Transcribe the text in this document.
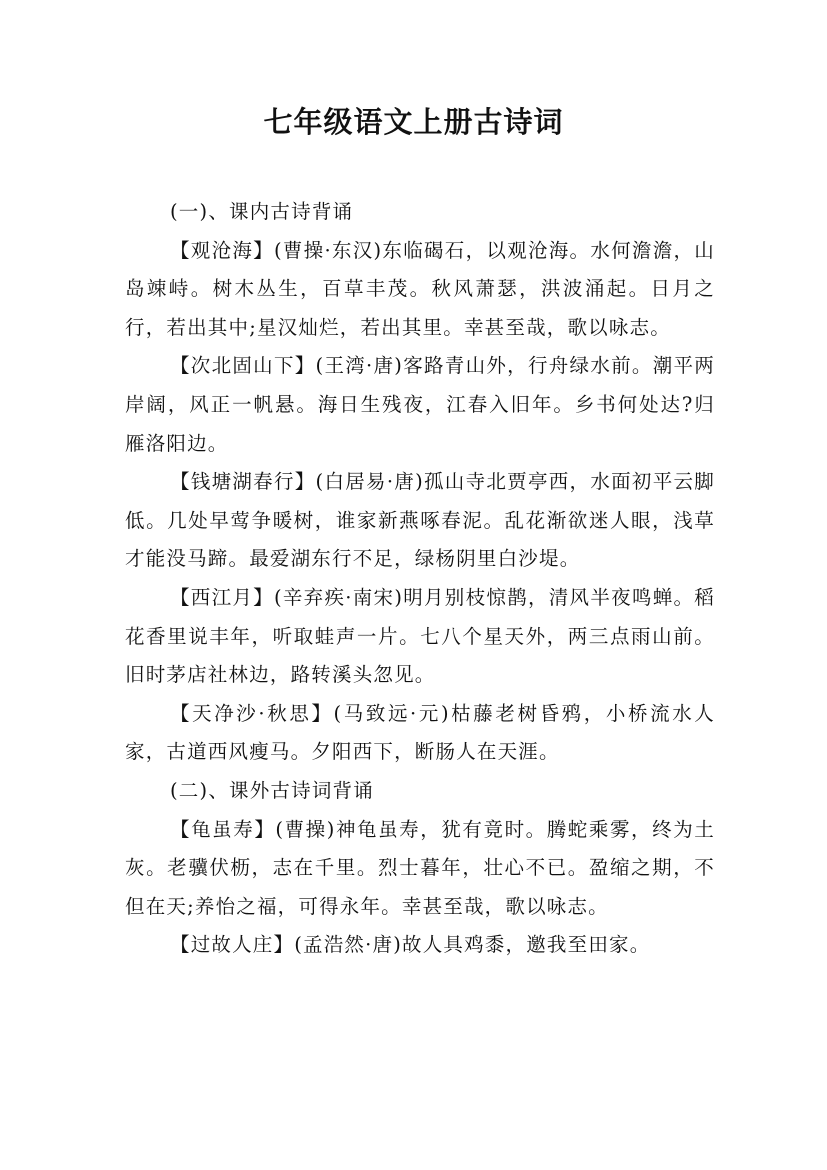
七年级语文上册古诗词

(一)、课内古诗背诵

【观沧海】(曹操·东汉)东临碣石，以观沧海。水何澹澹，山岛竦峙。树木丛生，百草丰茂。秋风萧瑟，洪波涌起。日月之行，若出其中;星汉灿烂，若出其里。幸甚至哉，歌以咏志。

【次北固山下】(王湾·唐)客路青山外，行舟绿水前。潮平两岸阔，风正一帆悬。海日生残夜，江春入旧年。乡书何处达?归雁洛阳边。

【钱塘湖春行】(白居易·唐)孤山寺北贾亭西，水面初平云脚低。几处早莺争暖树，谁家新燕啄春泥。乱花渐欲迷人眼，浅草才能没马蹄。最爱湖东行不足，绿杨阴里白沙堤。

【西江月】(辛弃疾·南宋)明月别枝惊鹊，清风半夜鸣蝉。稻花香里说丰年，听取蛙声一片。七八个星天外，两三点雨山前。旧时茅店社林边，路转溪头忽见。

【天净沙·秋思】(马致远·元)枯藤老树昏鸦，小桥流水人家，古道西风瘦马。夕阳西下，断肠人在天涯。

(二)、课外古诗词背诵

【龟虽寿】(曹操)神龟虽寿，犹有竟时。腾蛇乘雾，终为土灰。老骥伏枥，志在千里。烈士暮年，壮心不已。盈缩之期，不但在天;养怡之福，可得永年。幸甚至哉，歌以咏志。

【过故人庄】(孟浩然·唐)故人具鸡黍，邀我至田家。
